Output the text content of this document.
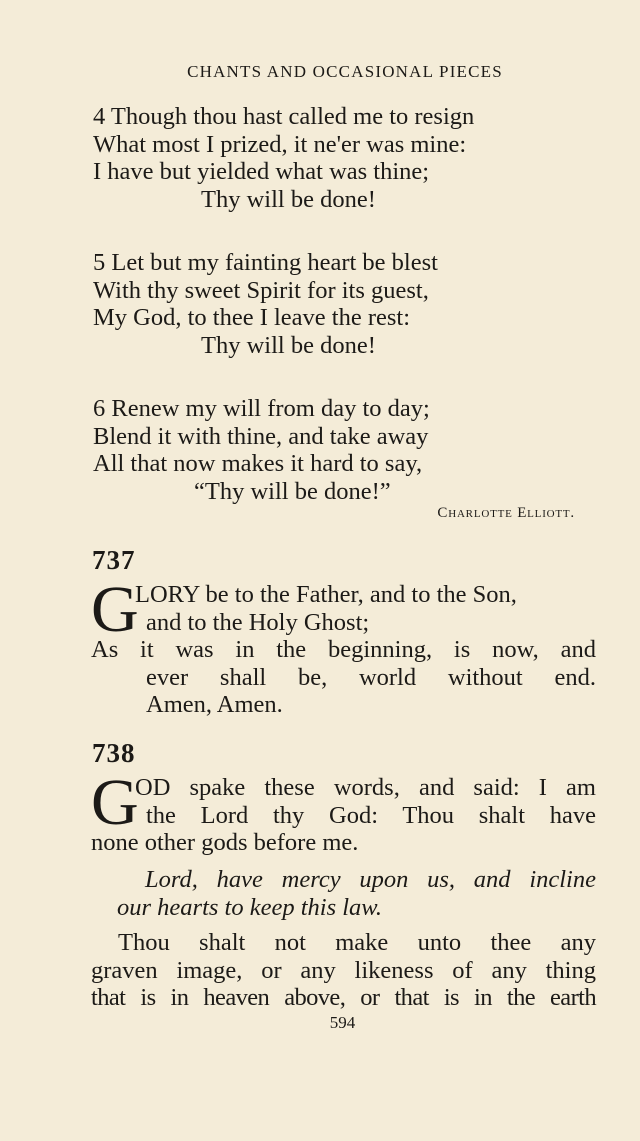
CHANTS AND OCCASIONAL PIECES
4 Though thou hast called me to resign
What most I prized, it ne'er was mine:
I have but yielded what was thine;
Thy will be done!
5 Let but my fainting heart be blest
With thy sweet Spirit for its guest,
My God, to thee I leave the rest:
Thy will be done!
6 Renew my will from day to day;
Blend it with thine, and take away
All that now makes it hard to say,
“Thy will be done!”
Charlotte Elliott.
737
G
LORY be to the Father, and to the Son,
and to the Holy Ghost;
As it was in the beginning, is now, and
ever shall be, world without end.
Amen, Amen.
738
G
OD spake these words, and said: I am
the Lord thy God: Thou shalt have
none other gods before me.
Lord, have mercy upon us, and incline
our hearts to keep this law.
Thou shalt not make unto thee any
graven image, or any likeness of any thing
that is in heaven above, or that is in the earth
594
